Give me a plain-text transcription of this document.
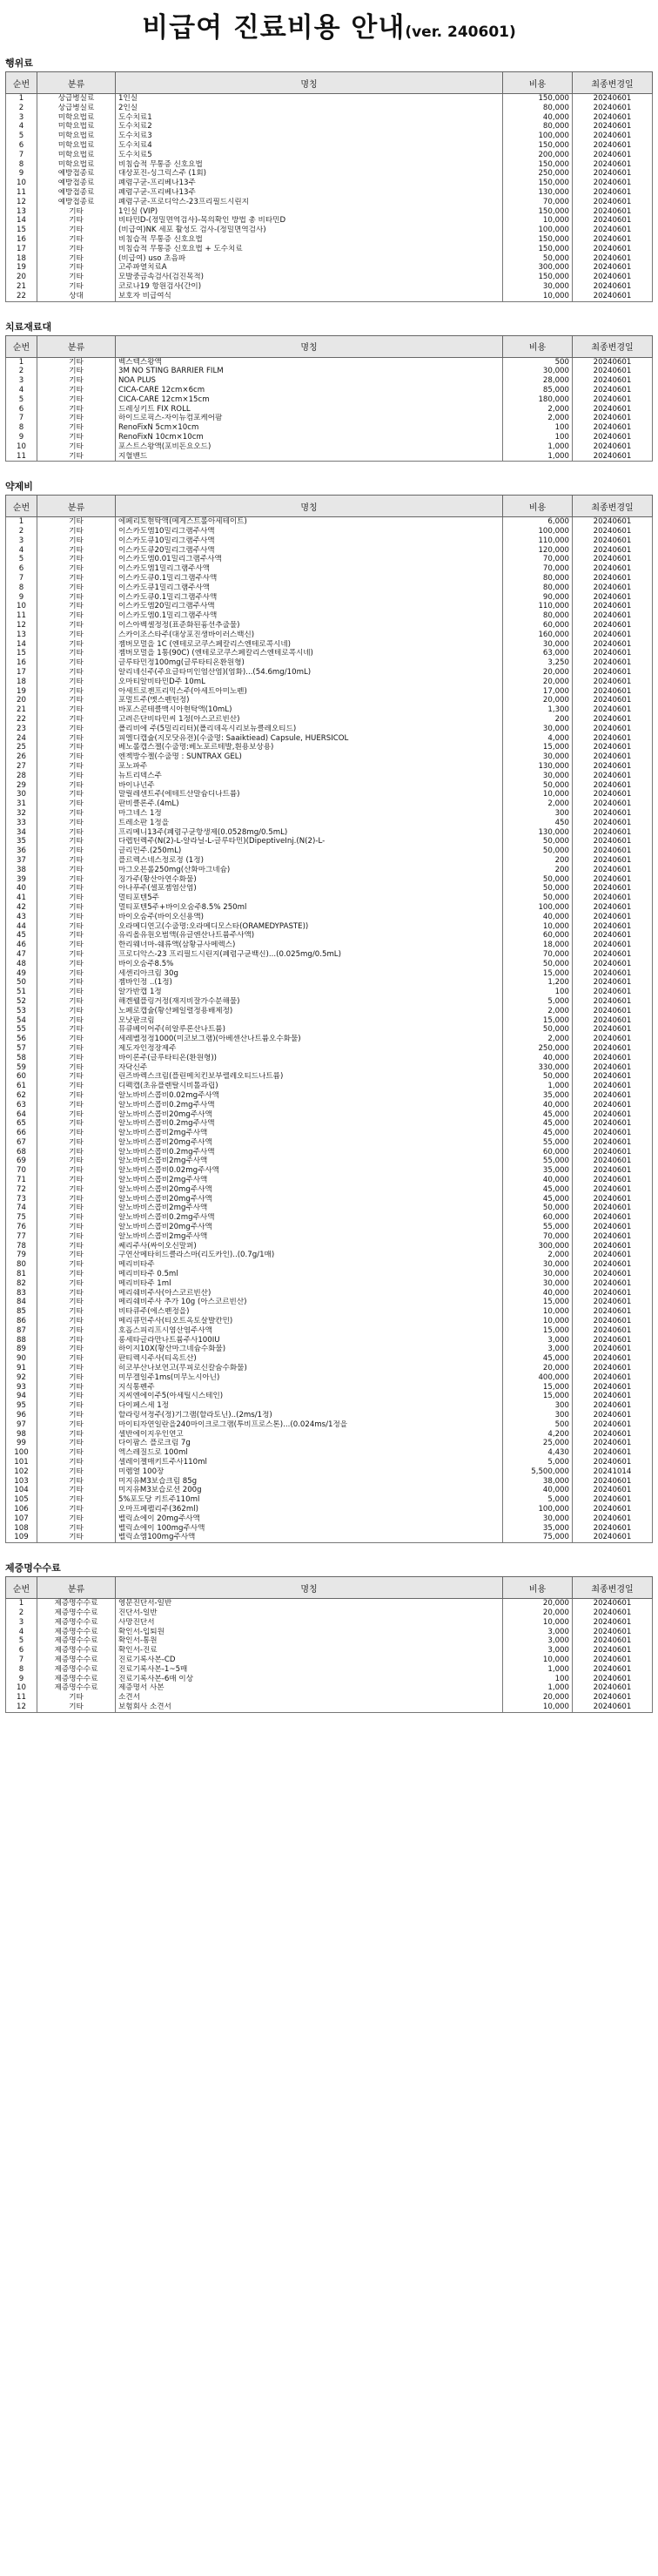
비급여 진료비용 안내(ver. 240601)
행위료
순번	분류	명칭	비용	최종변경일
1	상급병실료	1인실	150,000	20240601
2	상급병실료	2인실	80,000	20240601
3	미학요법료	도수치료1	40,000	20240601
4	미학요법료	도수치료2	80,000	20240601
5	미학요법료	도수치료3	100,000	20240601
6	미학요법료	도수치료4	150,000	20240601
7	미학요법료	도수치료5	200,000	20240601
8	미학요법료	비침습적 무통증 신호요법	150,000	20240601
9	예방접종료	대상포진-싱그릭스주 (1회)	250,000	20240601
10	예방접종료	폐렴구균-프리베나13주	150,000	20240601
11	예방접종료	폐렴구균-프리베나13주	130,000	20240601
12	예방접종료	폐렴구균-프로디악스-23프리필드시린지	70,000	20240601
13	기타	1인실 (VIP)	150,000	20240601
14	기타	비타민D-(정밀면역검사)-목의확인 방법 총 비타민D	10,000	20240601
15	기타	(비급여)NK 세포 활성도 검사-(정밀면역검사)	100,000	20240601
16	기타	비침습적 무통증 신호요법	150,000	20240601
17	기타	비침습적 무통증 신호요법 + 도수치료	150,000	20240601
18	기타	(비급여) uso 초음파	50,000	20240601
19	기타	고주파열치료A	300,000	20240601
20	기타	모발중금속검사(검진목적)	150,000	20240601
21	기타	코로나19 항원검사(간이)	30,000	20240601
22	상대	보호자 비급여식	10,000	20240601
치료재료대
순번	분류	명칭	비용	최종변경일
1	기타	벡스텍스왕액	500	20240601
2	기타	3M NO STING BARRIER FILM	30,000	20240601
3	기타	NOA PLUS	28,000	20240601
4	기타	CICA-CARE 12cm×6cm	85,000	20240601
5	기타	CICA-CARE 12cm×15cm	180,000	20240601
6	기타	드레싱키트 FIX ROLL	2,000	20240601
7	기타	하이드로픽스-자이뉴컴포케어팜	2,000	20240601
8	기타	RenoFixN 5cm×10cm	100	20240601
9	기타	RenoFixN 10cm×10cm	100	20240601
10	기타	포스트스왕액(포비돈요오드)	1,000	20240601
11	기타	지혈밴드	1,000	20240601
약제비
순번	분류	명칭	비용	최종변경일
1	기타	에페리토현탁액(메게스트롤아세테이트)	6,000	20240601
2	기타	이스카도엠10밀리그램주사액	100,000	20240601
3	기타	이스카도큐10밀리그램주사액	110,000	20240601
4	기타	이스카도큐20밀리그램주사액	120,000	20240601
5	기타	이스카도엠0.01밀리그램주사액	70,000	20240601
6	기타	이스카도엠1밀리그램주사액	70,000	20240601
7	기타	이스카도큐0.1밀리그램주사액	80,000	20240601
8	기타	이스카도큐1밀리그램주사액	80,000	20240601
9	기타	이스카도큐0.1밀리그램주사액	90,000	20240601
10	기타	이스카도엠20밀리그램주사액	110,000	20240601
11	기타	이스카도엠0.1밀리그램주사액	80,000	20240601
12	기타	이스아벡셀정정(표준화된흉선추출물)	60,000	20240601
13	기타	스카이조스타주(대상포진생바이러스백신)	160,000	20240601
14	기타	젬버모멀을 1C (엔테로코쿠스페칼리스엔테로콕시네)	30,000	20240601
15	기타	젬버모멀을 1통(90C) (엔테로코쿠스페칼리스엔테로콕시네)	63,000	20240601
16	기타	글루타민정100mg(글루타티온환원형)	3,250	20240601
17	기타	알리네신주(주요글타미인염산염)(염화)...(54.6mg/10mL)	20,000	20240601
18	기타	오마티알비타민D주 10mL	20,000	20240601
19	기타	아세트로젠프리믹스주(아세트아미노펜)	17,000	20240601
20	기타	포멀트주(멧스펜틴정)	20,000	20240601
21	기타	바포스콘테클맥시아현탁액(10mL)	1,300	20240601
22	기타	고려은단비타민씨 1정(아스코르빈산)	200	20240601
23	기타	폴리비에 주(5밀리리터)(폴리데옥시리보뉴클레오티드)	30,000	20240601
24	기타	피엘디캡슐(지모닷유전)(수출명: Saaiktiead) Capsule, HUERSICOL	4,000	20240601
25	기타	베노롤캡스젤(수출명:베노포르테발,흰용보상용)	15,000	20240601
26	기타	엔젝방수젤(수출명 : SUNTRAX GEL)	30,000	20240601
27	기타	포노파주	130,000	20240601
28	기타	뉴트리덱스주	30,000	20240601
29	기타	바이나넌주	50,000	20240601
30	기타	말릴레센트주(에테트산말슘디나트륨)	10,000	20240601
31	기타	판비클론주.(4mL)	2,000	20240601
32	기타	마그네스 1정	300	20240601
33	기타	트레소판 1정을	450	20240601
34	기타	프리메니13주(폐렴구균항생제(0.0528mg/0.5mL)	130,000	20240601
35	기타	다렙틴렉주(N(2)-L-알라닐-L-글루타민)(DipeptiveInj.(N(2)-L-	50,000	20240601
36	기타	글리민주.(250mL)	50,000	20240601
37	기타	플르렉스네스정로정 (1정)	200	20240601
38	기타	마그오븐롤250mg(산화마그네슘)	200	20240601
39	기타	징가주(황산아연수화물)	50,000	20240601
40	기타	아나푸주(셀포젬염산염)	50,000	20240601
41	기타	멀티포텐5주	50,000	20240601
42	기타	멀티포텐5주+바이오숨주8.5% 250ml	100,000	20240601
43	기타	바이오숨주(바이오신용액)	40,000	20240601
44	기타	오라메디연고(수출명:오라메디모스타(ORAMEDYPASTE))	10,000	20240601
45	기타	유리올유원오범액(유글엔산나트륨주사액)	60,000	20240601
46	기타	한리웨너마-쉐류액(삼황규사메렉스)	18,000	20240601
47	기타	프로디악스-23 프리필드시린지(폐렴구균백신)...(0.025mg/0.5mL)	70,000	20240601
48	기타	바이오숨주8.5%	50,000	20240601
49	기타	세센리아크림 30g	15,000	20240601
50	기타	젬바인정 ..(1정)	1,200	20240601
51	기타	알가반캡 1정	100	20240601
52	기타	해겐웰플링거정(재지비잘가수분해물)	5,000	20240601
53	기타	노페로캡슐(황산페일렬정용배제정)	2,000	20240601
54	기타	모낫판크림	15,000	20240601
55	기타	뮤큐베이어주(히알루론산나트륨)	50,000	20240601
56	기타	세레벨정정1000(미코보그램)(아베센산나트륨오수화물)	2,000	20240601
57	기타	제도자인정장제주	250,000	20240601
58	기타	바이론주(글루타티온(환원형))	40,000	20240601
59	기타	자닥신주	330,000	20240601
60	기타	린즈바렉스크림(플린메치킨보부렐레오티드나트륨)	50,000	20240601
61	기타	디펙캡(초유플렌탈시비톨과립)	1,000	20240601
62	기타	알노바비스콥비0.02mg주사액	35,000	20240601
63	기타	알노바비스콥비0.2mg주사액	40,000	20240601
64	기타	알노바비스콥비20mg주사액	45,000	20240601
65	기타	알노바비스콥비0.2mg주사액	45,000	20240601
66	기타	알노바비스콥비2mg주사액	45,000	20240601
67	기타	알노바비스콥비20mg주사액	55,000	20240601
68	기타	알노바비스콥비0.2mg주사액	60,000	20240601
69	기타	알노바비스콥비2mg주사액	55,000	20240601
70	기타	알노바비스콥비0.02mg주사액	35,000	20240601
71	기타	알노바비스콥비2mg주사액	40,000	20240601
72	기타	알노바비스콥비20mg주사액	45,000	20240601
73	기타	알노바비스콥비20mg주사액	45,000	20240601
74	기타	알노바비스콥비2mg주사액	50,000	20240601
75	기타	알노바비스콥비0.2mg주사액	60,000	20240601
76	기타	알노바비스콥비20mg주사액	55,000	20240601
77	기타	알노바비스콥비2mg주사액	70,000	20240601
78	기타	쎄리주사(싸이오신말퍼)	300,000	20240601
79	기타	구연산메타히드클라스마(리도카인)..(0.7g/1매)	2,000	20240601
80	기타	메리비타주	30,000	20240601
81	기타	메리비타주 0.5ml	30,000	20240601
82	기타	메리비타주 1ml	30,000	20240601
83	기타	메리쉐비주사(아스코르빈산)	40,000	20240601
84	기타	메리쉐비주사 추가 10g (아스코르빈산)	15,000	20240601
85	기타	비타큐주(에스펜정을)	10,000	20240601
86	기타	메리큐민주사(티오트옥토살발칸민)	10,000	20240601
87	기타	호흡스피리프시염산염주사액	15,000	20240601
88	기타	롱세타글라만나트륨주사100IU	3,000	20240601
89	기타	하이지10X(황산마그네슘수화물)	3,000	20240601
90	기타	판티렉시주사(티옥트산)	45,000	20240601
91	기타	히코부산나보연고(무피로신칼슘수화물)	20,000	20240601
92	기타	미무겔일주1ms(미무노시아닌)	400,000	20240601
93	기타	지식통펜주	15,000	20240601
94	기타	지씨엔에이주5(아세틸시스테인)	15,000	20240601
95	기타	다이페스세 1정	300	20240601
96	기타	할라링셔정주(정)기그램(할라토닌)..(2ms/1정)	300	20240601
97	기타	마이티자연일란을240마이크로그램(투비프로스톤)...(0.024ms/1정을	500	20240601
98	기타	셀반에이지우인연고	4,200	20240601
99	기타	다이팜스 플로크림 7g	25,000	20240601
100	기타	엑스레질드로 100ml	4,430	20240601
101	기타	셀레이젤매키트주사110ml	5,000	20240601
102	기타	미렘열 100장	5,500,000	20241014
103	기타	미지유M3보습크림 85g	38,000	20240601
104	기타	미지유M3보습로션 200g	40,000	20240601
105	기타	5%포도당 키트주110ml	5,000	20240601
106	기타	오마프페펠리주(362ml)	100,000	20240601
107	기타	벨릭쇼에이 20mg주사액	30,000	20240601
108	기타	벨릭쇼에이 100mg주사액	35,000	20240601
109	기타	벨릭쇼엠100mg주사액	75,000	20240601
제증명수수료
순번	분류	명칭	비용	최종변경일
1	제증명수수료	영문진단서-일반	20,000	20240601
2	제증명수수료	진단서-일반	20,000	20240601
3	제증명수수료	사망진단서	10,000	20240601
4	제증명수수료	확인서-입퇴원	3,000	20240601
5	제증명수수료	확인서-통원	3,000	20240601
6	제증명수수료	확인서-진료	3,000	20240601
7	제증명수수료	진료기록사본-CD	10,000	20240601
8	제증명수수료	진료기록사본-1~5매	1,000	20240601
9	제증명수수료	진료기록사본-6매 이상	100	20240601
10	제증명수수료	제증명서 사본	1,000	20240601
11	기타	소견서	20,000	20240601
12	기타	보험회사 소견서	10,000	20240601
